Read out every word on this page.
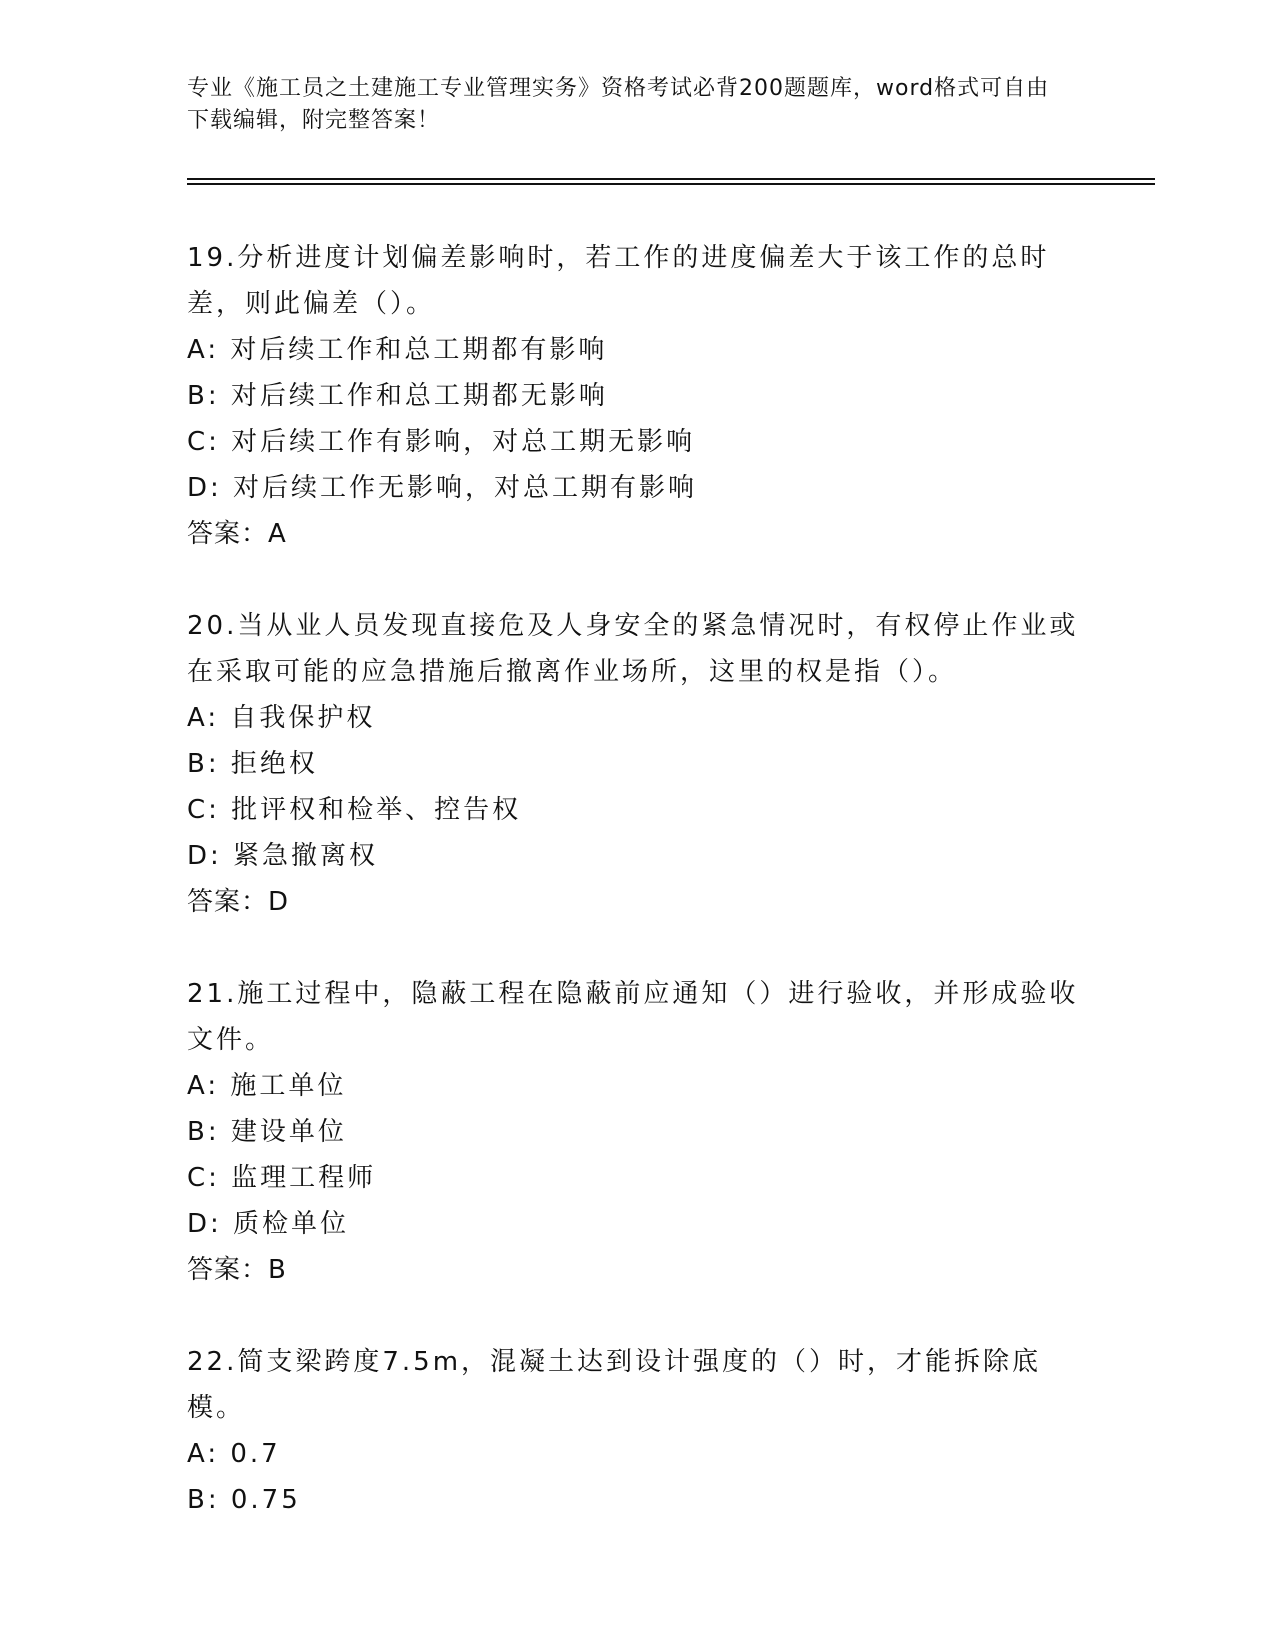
专业《施工员之土建施工专业管理实务》资格考试必背200题题库，word格式可自由下载编辑，附完整答案！
19.分析进度计划偏差影响时，若工作的进度偏差大于该工作的总时差，则此偏差（）。
A: 对后续工作和总工期都有影响
B: 对后续工作和总工期都无影响
C: 对后续工作有影响，对总工期无影响
D: 对后续工作无影响，对总工期有影响
答案：A
20.当从业人员发现直接危及人身安全的紧急情况时，有权停止作业或在采取可能的应急措施后撤离作业场所，这里的权是指（）。
A: 自我保护权
B: 拒绝权
C: 批评权和检举、控告权
D: 紧急撤离权
答案：D
21.施工过程中，隐蔽工程在隐蔽前应通知（）进行验收，并形成验收文件。
A: 施工单位
B: 建设单位
C: 监理工程师
D: 质检单位
答案：B
22.简支梁跨度7.5m，混凝土达到设计强度的（）时，才能拆除底模。
A: 0.7
B: 0.75
